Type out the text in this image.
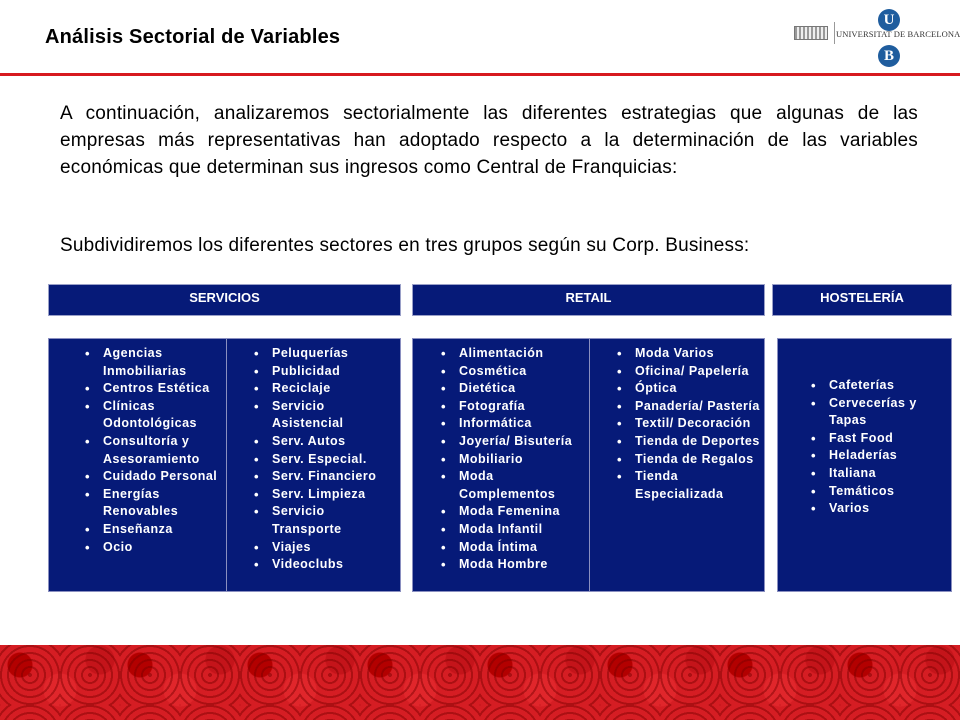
Análisis Sectorial de Variables
U
UNIVERSITAT DE BARCELONA
B
A continuación, analizaremos sectorialmente las diferentes estrategias que algunas de las empresas más representativas han adoptado respecto a la determinación de las variables económicas que determinan sus ingresos como Central de Franquicias:
Subdividiremos los diferentes sectores en tres grupos según su Corp. Business:
SERVICIOS	RETAIL	HOSTELERÍA
• Agencias Inmobiliarias
• Centros Estética
• Clínicas Odontológicas
• Consultoría y Asesoramiento
• Cuidado Personal
• Energías Renovables
• Enseñanza
• Ocio
• Peluquerías
• Publicidad
• Reciclaje
• Servicio Asistencial
• Serv. Autos
• Serv. Especial.
• Serv. Financiero
• Serv. Limpieza
• Servicio Transporte
• Viajes
• Videoclubs
• Alimentación
• Cosmética
• Dietética
• Fotografía
• Informática
• Joyería/ Bisutería
• Mobiliario
• Moda Complementos
• Moda Femenina
• Moda Infantil
• Moda Íntima
• Moda Hombre
• Moda Varios
• Oficina/ Papelería
• Óptica
• Panadería/ Pastería
• Textil/ Decoración
• Tienda de Deportes
• Tienda de Regalos
• Tienda Especializada
• Cafeterías
• Cervecerías y Tapas
• Fast Food
• Heladerías
• Italiana
• Temáticos
• Varios
